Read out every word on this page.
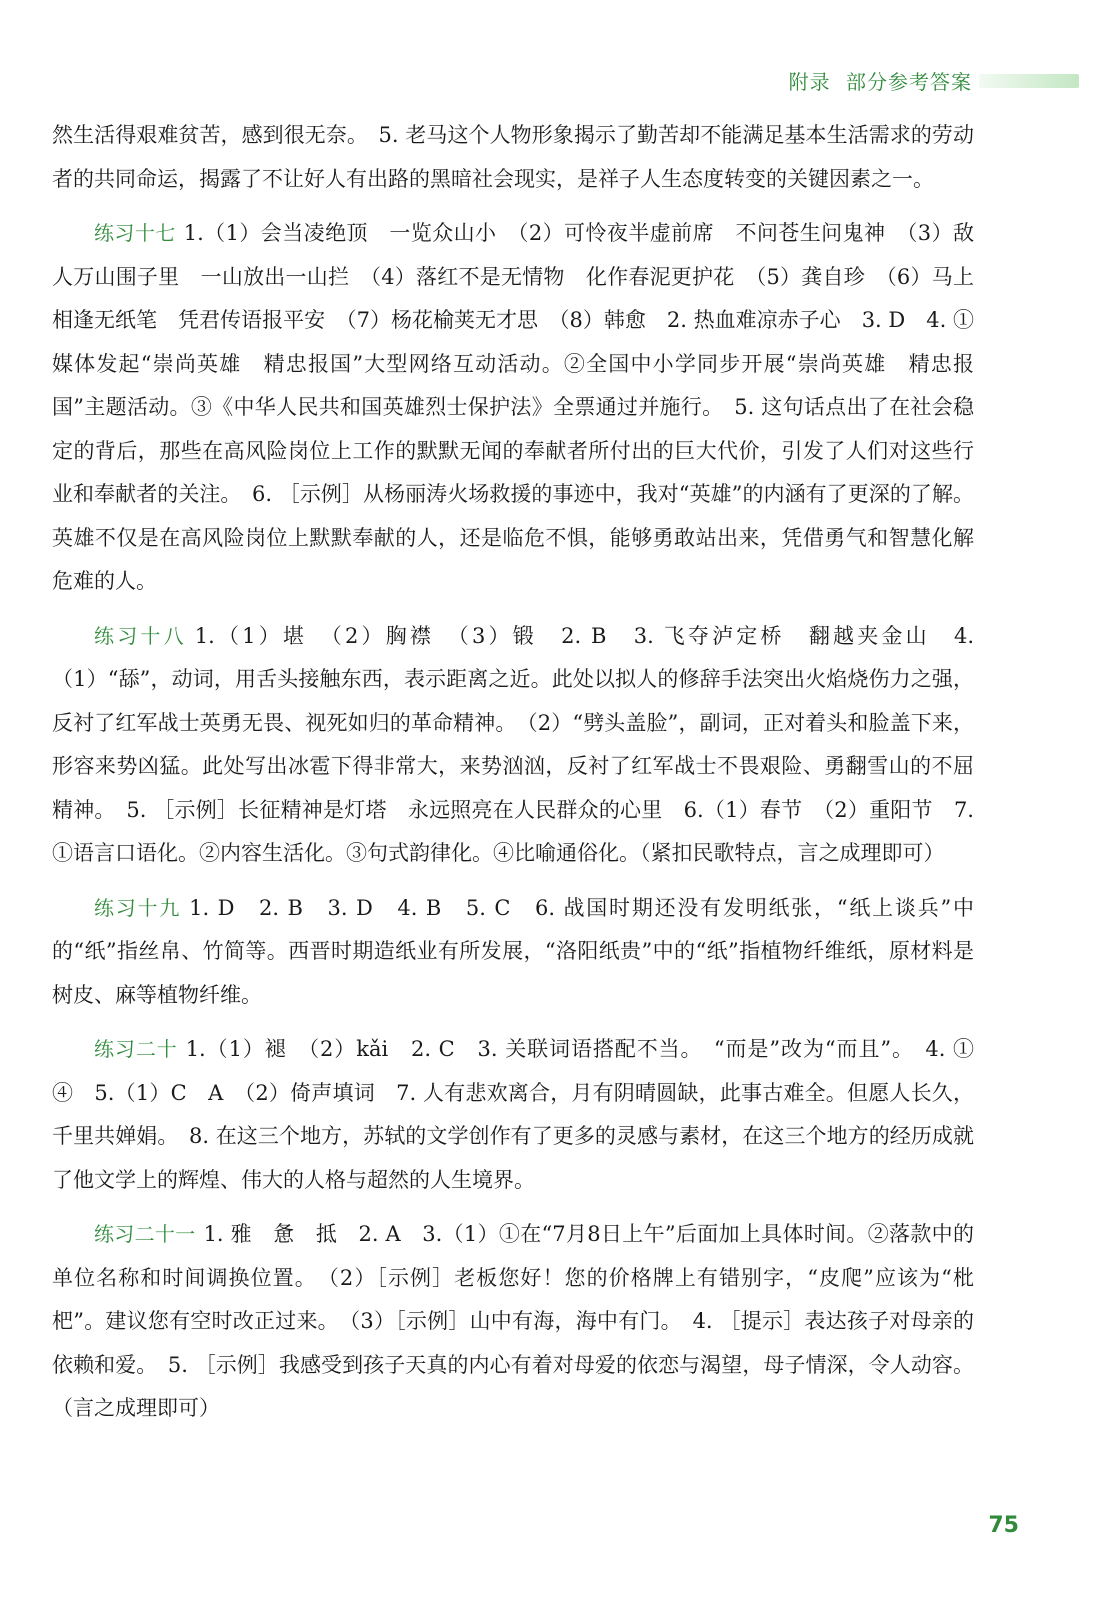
附录 部分参考答案

然生活得艰难贫苦，感到很无奈。　5. 老马这个人物形象揭示了勤苦却不能满足基本生活需求的劳动者的共同命运，揭露了不让好人有出路的黑暗社会现实，是祥子人生态度转变的关键因素之一。

练习十七 1.（1）会当凌绝顶　一览众山小　（2）可怜夜半虚前席　不问苍生问鬼神　（3）敌人万山围子里　一山放出一山拦　（4）落红不是无情物　化作春泥更护花　（5）龚自珍　（6）马上相逢无纸笔　凭君传语报平安　（7）杨花榆荚无才思　（8）韩愈　2. 热血难凉赤子心　3. D　4. ①媒体发起“崇尚英雄　精忠报国”大型网络互动活动。②全国中小学同步开展“崇尚英雄　精忠报国”主题活动。③《中华人民共和国英雄烈士保护法》全票通过并施行。　5. 这句话点出了在社会稳定的背后，那些在高风险岗位上工作的默默无闻的奉献者所付出的巨大代价，引发了人们对这些行业和奉献者的关注。　6. ［示例］从杨丽涛火场救援的事迹中，我对“英雄”的内涵有了更深的了解。英雄不仅是在高风险岗位上默默奉献的人，还是临危不惧，能够勇敢站出来，凭借勇气和智慧化解危难的人。

练习十八 1.（1）堪　（2）胸襟　（3）锻　2. B　3. 飞夺泸定桥　翻越夹金山　4.（1）“舔”，动词，用舌头接触东西，表示距离之近。此处以拟人的修辞手法突出火焰烧伤力之强，反衬了红军战士英勇无畏、视死如归的革命精神。　（2）“劈头盖脸”，副词，正对着头和脸盖下来，形容来势凶猛。此处写出冰雹下得非常大，来势汹汹，反衬了红军战士不畏艰险、勇翻雪山的不屈精神。　5. ［示例］长征精神是灯塔　永远照亮在人民群众的心里　6.（1）春节　（2）重阳节　7. ①语言口语化。②内容生活化。③句式韵律化。④比喻通俗化。（紧扣民歌特点，言之成理即可）

练习十九 1. D　2. B　3. D　4. B　5. C　6. 战国时期还没有发明纸张，“纸上谈兵”中的“纸”指丝帛、竹简等。西晋时期造纸业有所发展，“洛阳纸贵”中的“纸”指植物纤维纸，原材料是树皮、麻等植物纤维。

练习二十 1.（1）褪　（2）kǎi　2. C　3. 关联词语搭配不当。　“而是”改为“而且”。　4. ①　④　5.（1）C　A　（2）倚声填词　7. 人有悲欢离合，月有阴晴圆缺，此事古难全。但愿人长久，千里共婵娟。　8. 在这三个地方，苏轼的文学创作有了更多的灵感与素材，在这三个地方的经历成就了他文学上的辉煌、伟大的人格与超然的人生境界。

练习二十一 1. 雅　惫　抵　2. A　3.（1）①在“7月8日上午”后面加上具体时间。②落款中的单位名称和时间调换位置。　（2）［示例］老板您好！您的价格牌上有错别字，“皮爬”应该为“枇杷”。建议您有空时改正过来。　（3）［示例］山中有海，海中有门。　4. ［提示］表达孩子对母亲的依赖和爱。　5. ［示例］我感受到孩子天真的内心有着对母爱的依恋与渴望，母子情深，令人动容。（言之成理即可）

75
